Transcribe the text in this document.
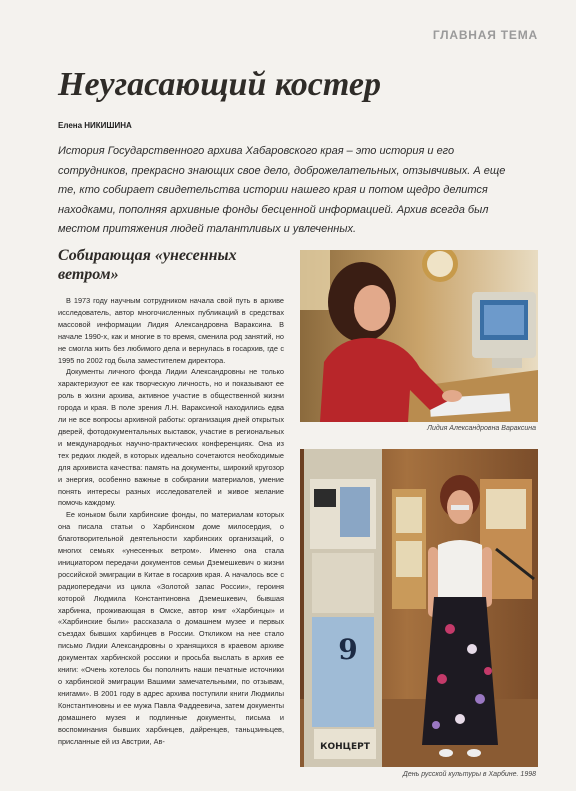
ГЛАВНАЯ ТЕМА
Неугасающий костер
Елена НИКИШИНА

История Государственного архива Хабаровского края – это история и его сотрудников, прекрасно знающих свое дело, доброжелательных, отзывчивых. А еще те, кто собирает свидетельства истории нашего края и потом щедро делится находками, пополняя архивные фонды бесценной информацией. Архив всегда был местом притяжения людей талантливых и увлеченных.

Собирающая «унесенных ветром»

В 1973 году научным сотрудником начала свой путь в архиве исследователь, автор многочисленных публикаций в средствах массовой информации Лидия Александровна Вараксина. В начале 1990-х, как и многие в то время, сменила род занятий, но не смогла жить без любимого дела и вернулась в госархив, где с 1995 по 2002 год была заместителем директора.

Документы личного фонда Лидии Александровны не только характеризуют ее как творческую личность, но и показывают ее роль в жизни архива, активное участие в общественной жизни города и края. В поле зрения Л.Н. Вараксиной находились едва ли не все вопросы архивной работы: организация дней открытых дверей, фотодокументальных выставок, участие в региональных и международных научно-практических конференциях. Она из тех редких людей, в которых идеально сочетаются необходимые для архивиста качества: память на документы, широкий кругозор и энергия, особенно важные в собирании материалов, умение понять интересы разных исследователей и живое желание помочь каждому.

Ее коньком были харбинские фонды, по материалам которых она писала статьи о Харбинском доме милосердия, о благотворительной деятельности харбинских организаций, о многих семьях «унесенных ветром». Именно она стала инициатором передачи документов семьи Дземешкевич о жизни российской эмиграции в Китае в госархив края. А началось все с радиопередачи из цикла «Золотой запас России», героиня которой Людмила Константиновна Дземешкевич, бывшая харбинка, проживающая в Омске, автор книг «Харбинцы» и «Харбинские были» рассказала о домашнем музее и первых съездах бывших харбинцев в России. Откликом на нее стало письмо Лидии Александровны о хранящихся в краевом архиве документах харбинской россики и просьба выслать в архив ее книги: «Очень хотелось бы пополнить наши печатные источники о харбинской эмиграции Вашими замечательными, по отзывам, книгами». В 2001 году в адрес архива поступили книги Людмилы Константиновны и ее мужа Павла Фаддеевича, затем документы домашнего музея и подлинные документы, письма и воспоминания бывших харбинцев, дайренцев, таньцзиньцев, присланные ей из Австрии, Ав-

Лидия Александровна Вараксина
9
КОНЦЕРТ
День русской культуры в Харбине. 1998
